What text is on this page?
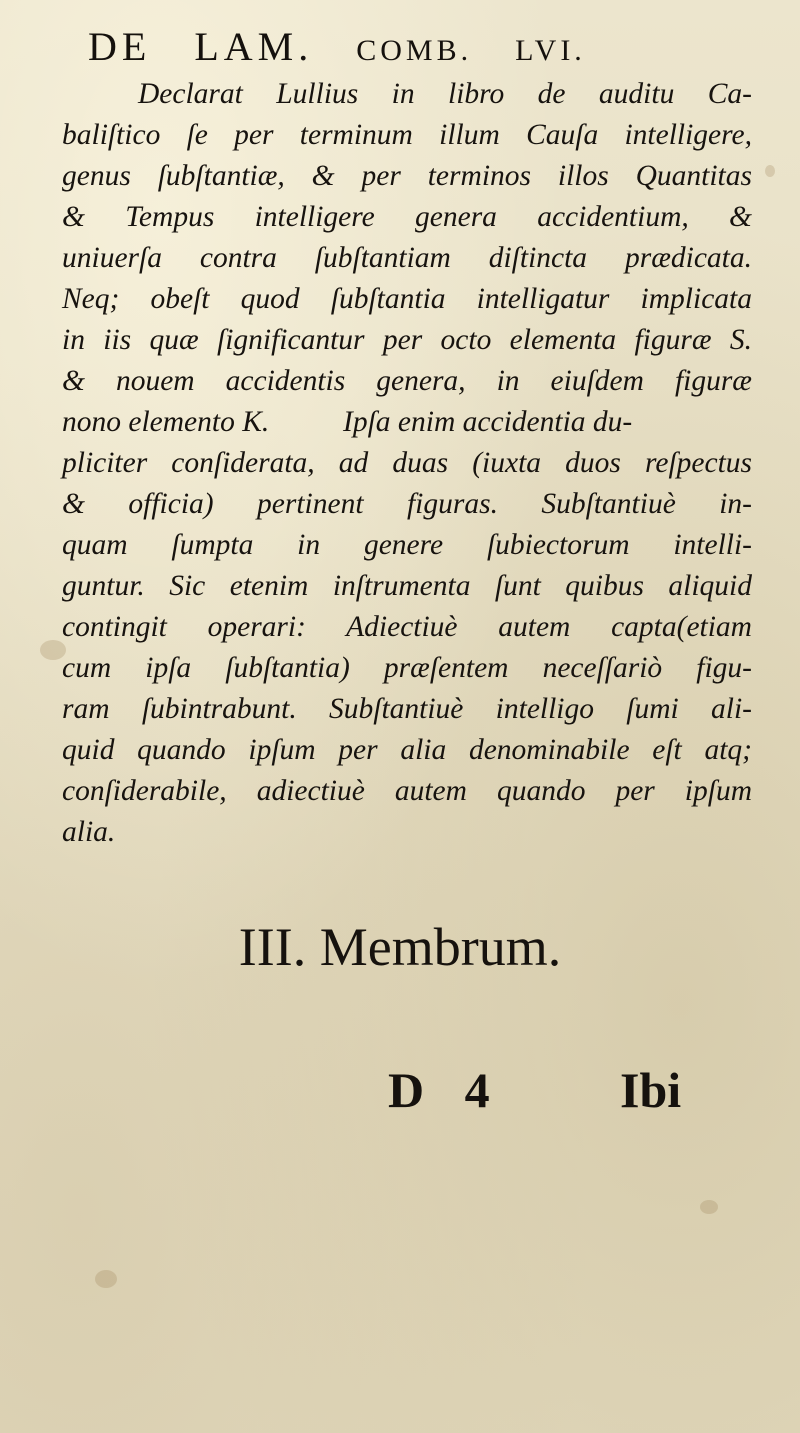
DE LAM. COMB. LVI.
Declarat Lullius in libro de auditu Ca-
baliſtico ſe per terminum illum Cauſa intelligere,
genus ſubſtantiæ, & per terminos illos Quantitas
& Tempus intelligere genera accidentium, &
uniuerſa contra ſubſtantiam diſtincta prædicata.
Neq; obeſt quod ſubſtantia intelligatur implicata
in iis quæ ſignificantur per octo elementa figuræ S.
& nouem accidentis genera, in eiuſdem figuræ
nono elemento K.          Ipſa enim accidentia du-
pliciter conſiderata, ad duas (iuxta duos reſpectus
& officia) pertinent figuras. Subſtantiuè in-
quam ſumpta in genere ſubiectorum intelli-
guntur. Sic etenim inſtrumenta ſunt quibus aliquid
contingit operari: Adiectiuè autem capta(etiam
cum ipſa ſubſtantia) præſentem neceſſariò figu-
ram ſubintrabunt. Subſtantiuè intelligo ſumi ali-
quid quando ipſum per alia denominabile eſt atq;
conſiderabile, adiectiuè autem quando per ipſum
alia.
III. Membrum.
D 4 Ibi
